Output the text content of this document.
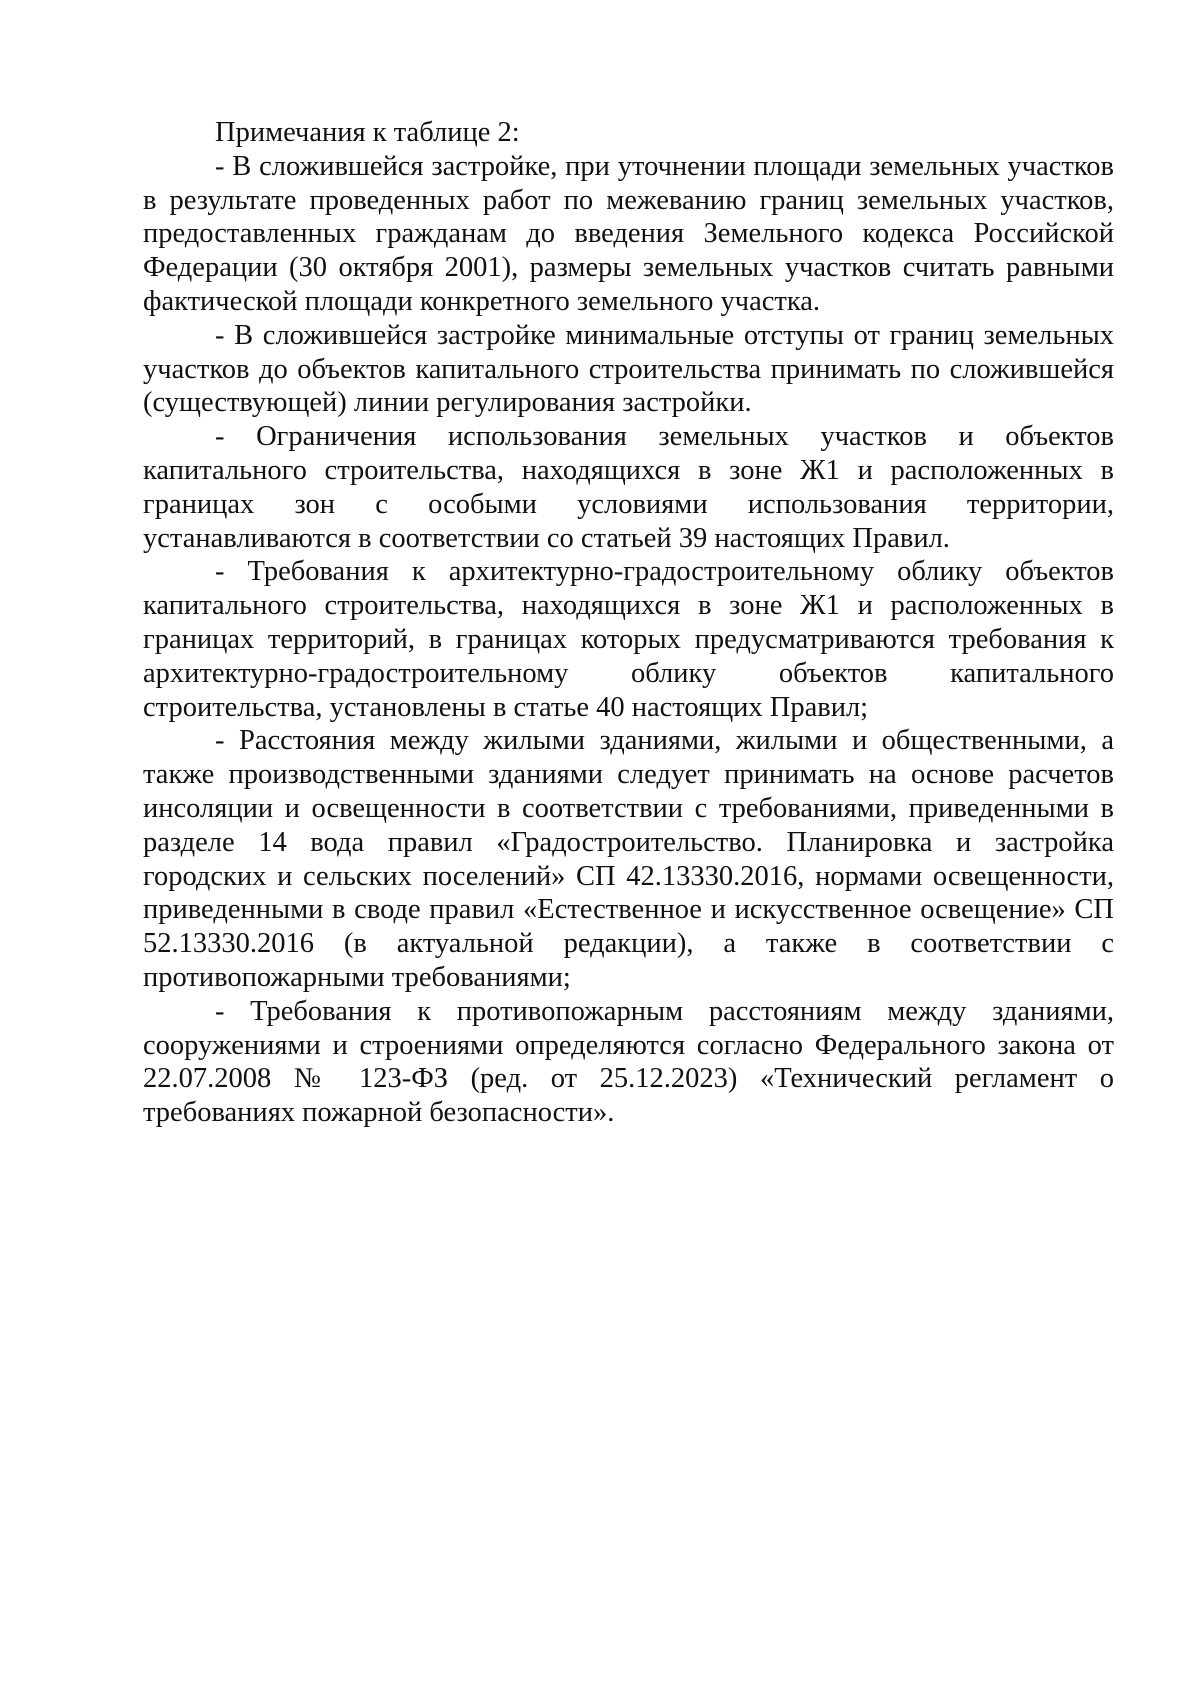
Примечания к таблице 2:

- В сложившейся застройке, при уточнении площади земельных участков в результате проведенных работ по межеванию границ земельных участков, предоставленных гражданам до введения Земельного кодекса Российской Федерации (30 октября 2001), размеры земельных участков считать равными фактической площади конкретного земельного участка.

- В сложившейся застройке минимальные отступы от границ земельных участков до объектов капитального строительства принимать по сложившейся (существующей) линии регулирования застройки.

- Ограничения использования земельных участков и объектов капитального строительства, находящихся в зоне Ж1 и расположенных в границах зон с особыми условиями использования территории, устанавливаются в соответствии со статьей 39 настоящих Правил.

- Требования к архитектурно-градостроительному облику объектов капитального строительства, находящихся в зоне Ж1 и расположенных в границах территорий, в границах которых предусматриваются требования к архитектурно-градостроительному облику объектов капитального строительства, установлены в статье 40 настоящих Правил;

- Расстояния между жилыми зданиями, жилыми и общественными, а также производственными зданиями следует принимать на основе расчетов инсоляции и освещенности в соответствии с требованиями, приведенными в разделе 14 вода правил «Градостроительство. Планировка и застройка городских и сельских поселений» СП 42.13330.2016, нормами освещенности, приведенными в своде правил «Естественное и искусственное освещение» СП 52.13330.2016 (в актуальной редакции), а также в соответствии с противопожарными требованиями;

- Требования к противопожарным расстояниям между зданиями, сооружениями и строениями определяются согласно Федерального закона от 22.07.2008 № 123-ФЗ (ред. от 25.12.2023) «Технический регламент о требованиях пожарной безопасности».
